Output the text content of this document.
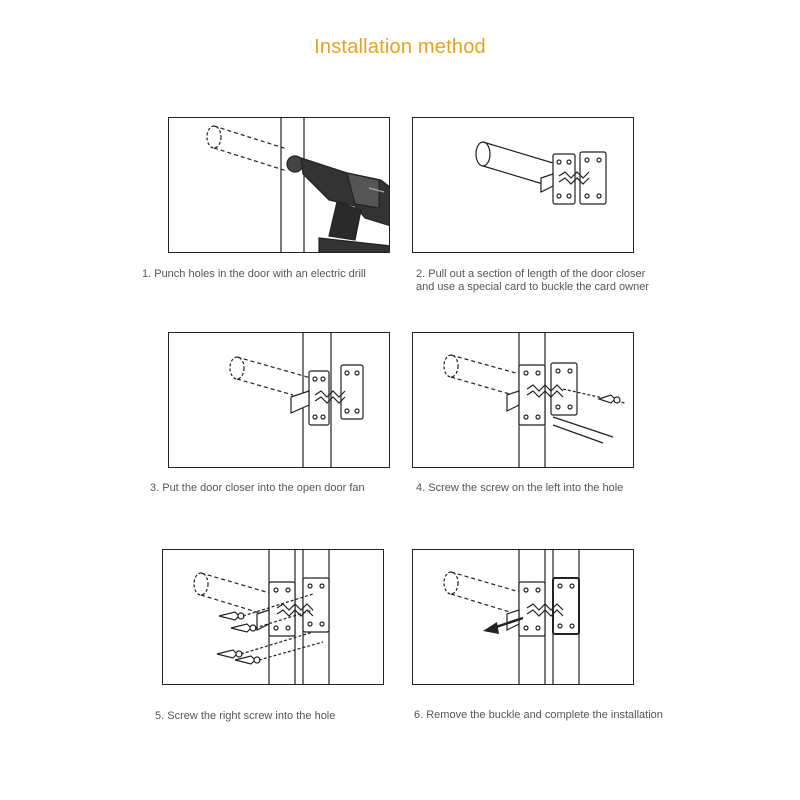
Installation method
1. Punch holes in the door with an electric drill	2. Pull out a section of length of the door closer
and use a special card to buckle the card owner
3. Put the door closer into the open door fan	4. Screw the screw on the left into the hole
5. Screw the right screw into the hole	6. Remove the buckle and complete the installation
